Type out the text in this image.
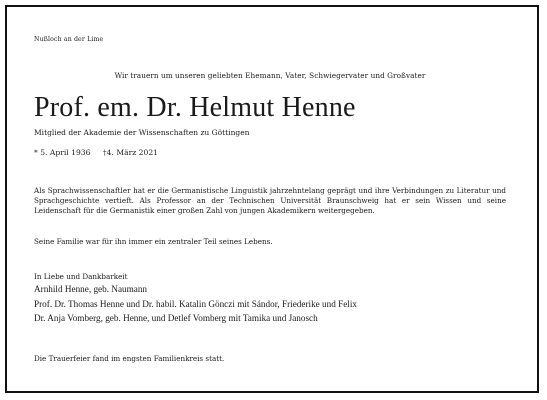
Nußloch an der Lime
Wir trauern um unseren geliebten Ehemann, Vater, Schwiegervater und Großvater
Prof. em. Dr. Helmut Henne
Mitglied der Akademie der Wissenschaften zu Göttingen
* 5. April 1936 †4. März 2021
Als Sprachwissenschaftler hat er die Germanistische Linguistik jahrzehntelang geprägt und ihre Verbindungen zu Literatur und Sprachgeschichte vertieft. Als Professor an der Technischen Universität Braunschweig hat er sein Wissen und seine Leidenschaft für die Germanistik einer großen Zahl von jungen Akademikern weitergegeben.
Seine Familie war für ihn immer ein zentraler Teil seines Lebens.
In Liebe und Dankbarkeit
Arnhild Henne, geb. Naumann
Prof. Dr. Thomas Henne und Dr. habil. Katalin Gönczi mit Sándor, Friederike und Felix
Dr. Anja Vomberg, geb. Henne, und Detlef Vomberg mit Tamika und Janosch
Die Trauerfeier fand im engsten Familienkreis statt.
